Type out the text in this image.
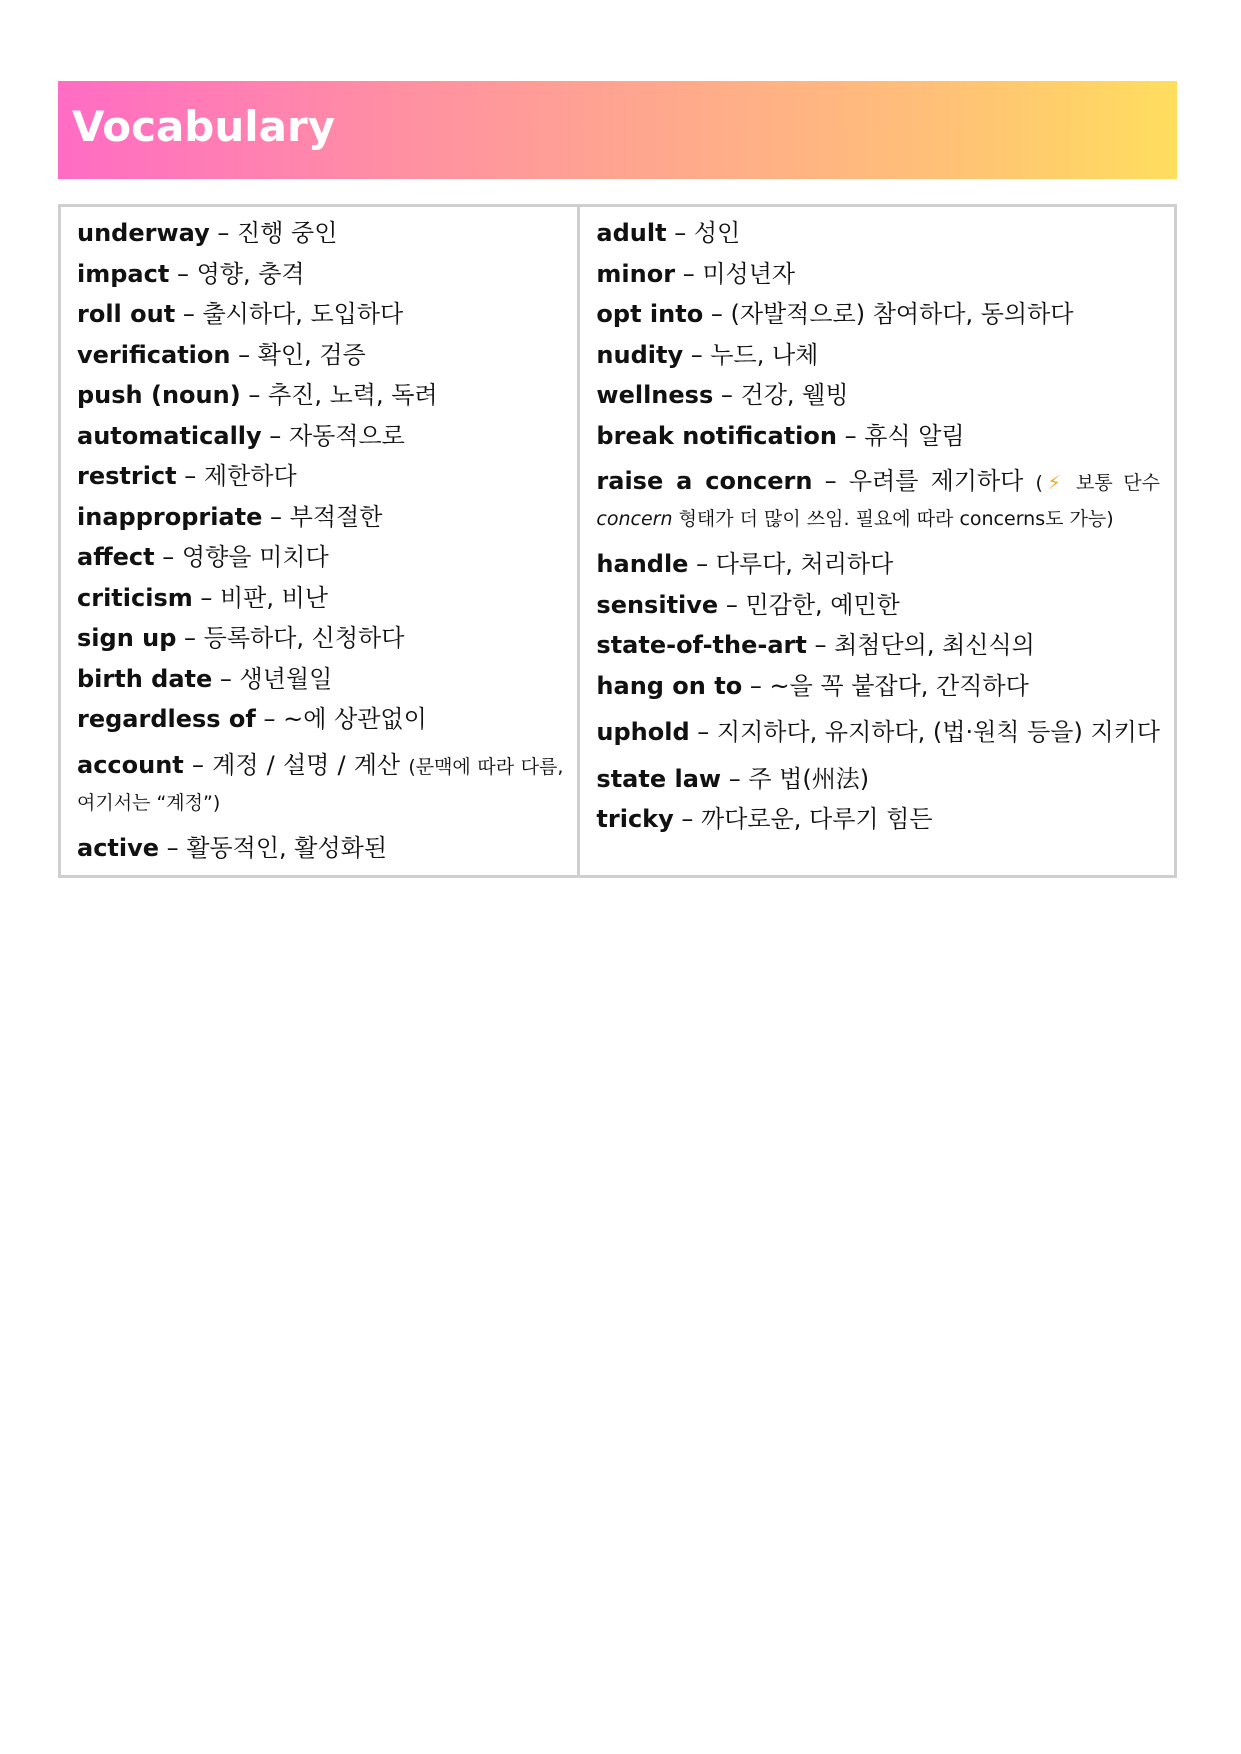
Vocabulary
underway – 진행 중인
impact – 영향, 충격
roll out – 출시하다, 도입하다
verification – 확인, 검증
push (noun) – 추진, 노력, 독려
automatically – 자동적으로
restrict – 제한하다
inappropriate – 부적절한
affect – 영향을 미치다
criticism – 비판, 비난
sign up – 등록하다, 신청하다
birth date – 생년월일
regardless of – ~에 상관없이
account – 계정 / 설명 / 계산 (문맥에 따라 다름, 여기서는 “계정”)
active – 활동적인, 활성화된
adult – 성인
minor – 미성년자
opt into – (자발적으로) 참여하다, 동의하다
nudity – 누드, 나체
wellness – 건강, 웰빙
break notification – 휴식 알림
raise a concern – 우려를 제기하다 (⚡ 보통 단수 concern 형태가 더 많이 쓰임. 필요에 따라 concerns도 가능)
handle – 다루다, 처리하다
sensitive – 민감한, 예민한
state-of-the-art – 최첨단의, 최신식의
hang on to – ~을 꼭 붙잡다, 간직하다
uphold – 지지하다, 유지하다, (법·원칙 등을) 지키다
state law – 주 법(州法)
tricky – 까다로운, 다루기 힘든
